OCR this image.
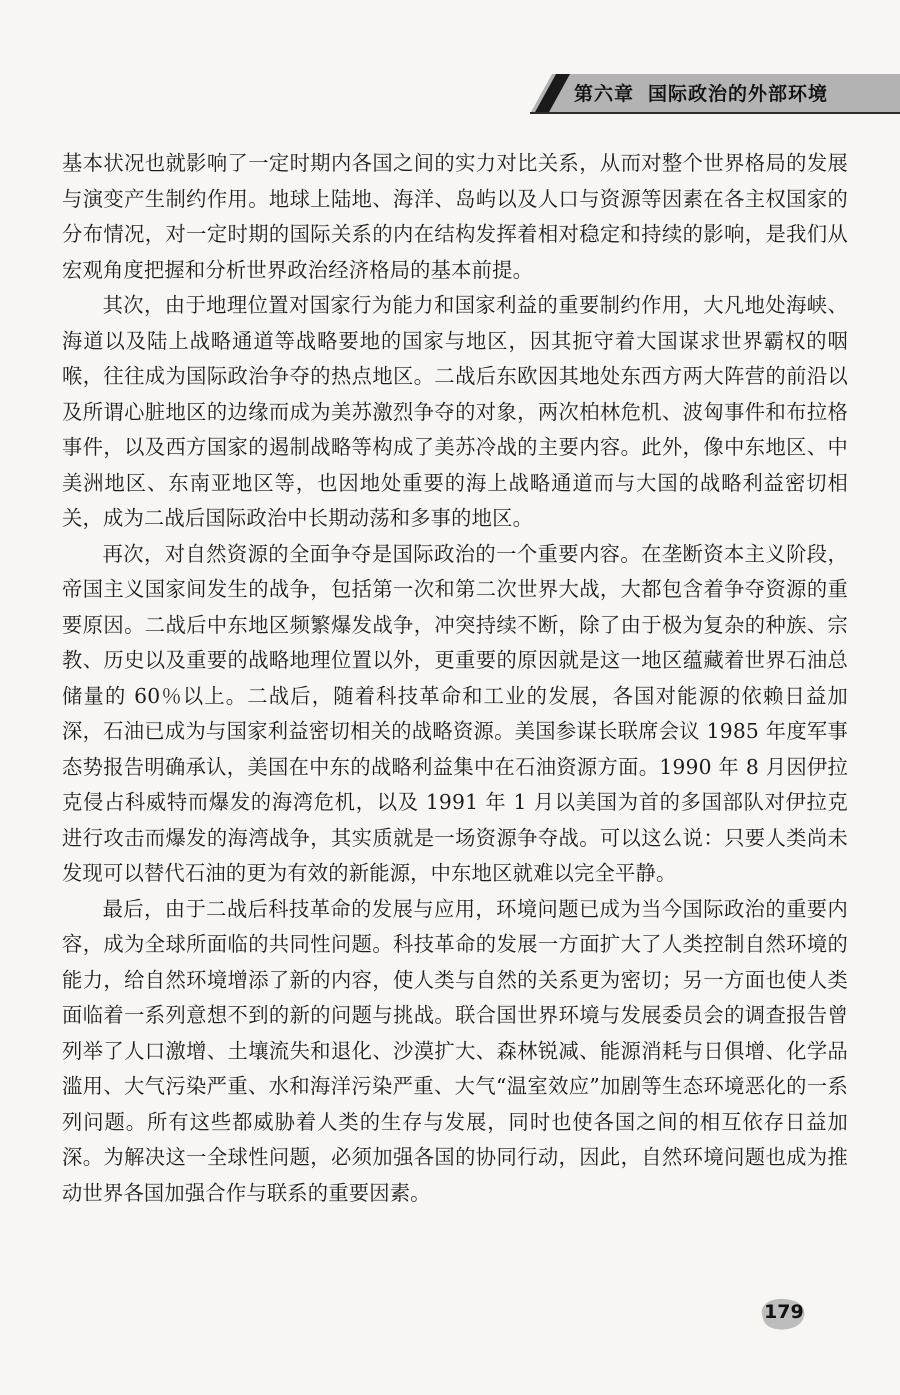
第六章 国际政治的外部环境

基本状况也就影响了一定时期内各国之间的实力对比关系，从而对整个世界格局的发展与演变产生制约作用。地球上陆地、海洋、岛屿以及人口与资源等因素在各主权国家的分布情况，对一定时期的国际关系的内在结构发挥着相对稳定和持续的影响，是我们从宏观角度把握和分析世界政治经济格局的基本前提。

其次，由于地理位置对国家行为能力和国家利益的重要制约作用，大凡地处海峡、海道以及陆上战略通道等战略要地的国家与地区，因其扼守着大国谋求世界霸权的咽喉，往往成为国际政治争夺的热点地区。二战后东欧因其地处东西方两大阵营的前沿以及所谓心脏地区的边缘而成为美苏激烈争夺的对象，两次柏林危机、波匈事件和布拉格事件，以及西方国家的遏制战略等构成了美苏冷战的主要内容。此外，像中东地区、中美洲地区、东南亚地区等，也因地处重要的海上战略通道而与大国的战略利益密切相关，成为二战后国际政治中长期动荡和多事的地区。

再次，对自然资源的全面争夺是国际政治的一个重要内容。在垄断资本主义阶段，帝国主义国家间发生的战争，包括第一次和第二次世界大战，大都包含着争夺资源的重要原因。二战后中东地区频繁爆发战争，冲突持续不断，除了由于极为复杂的种族、宗教、历史以及重要的战略地理位置以外，更重要的原因就是这一地区蕴藏着世界石油总储量的 60％以上。二战后，随着科技革命和工业的发展，各国对能源的依赖日益加深，石油已成为与国家利益密切相关的战略资源。美国参谋长联席会议 1985 年度军事态势报告明确承认，美国在中东的战略利益集中在石油资源方面。1990 年 8 月因伊拉克侵占科威特而爆发的海湾危机，以及 1991 年 1 月以美国为首的多国部队对伊拉克进行攻击而爆发的海湾战争，其实质就是一场资源争夺战。可以这么说：只要人类尚未发现可以替代石油的更为有效的新能源，中东地区就难以完全平静。

最后，由于二战后科技革命的发展与应用，环境问题已成为当今国际政治的重要内容，成为全球所面临的共同性问题。科技革命的发展一方面扩大了人类控制自然环境的能力，给自然环境增添了新的内容，使人类与自然的关系更为密切；另一方面也使人类面临着一系列意想不到的新的问题与挑战。联合国世界环境与发展委员会的调查报告曾列举了人口激增、土壤流失和退化、沙漠扩大、森林锐减、能源消耗与日俱增、化学品滥用、大气污染严重、水和海洋污染严重、大气“温室效应”加剧等生态环境恶化的一系列问题。所有这些都威胁着人类的生存与发展，同时也使各国之间的相互依存日益加深。为解决这一全球性问题，必须加强各国的协同行动，因此，自然环境问题也成为推动世界各国加强合作与联系的重要因素。

179
